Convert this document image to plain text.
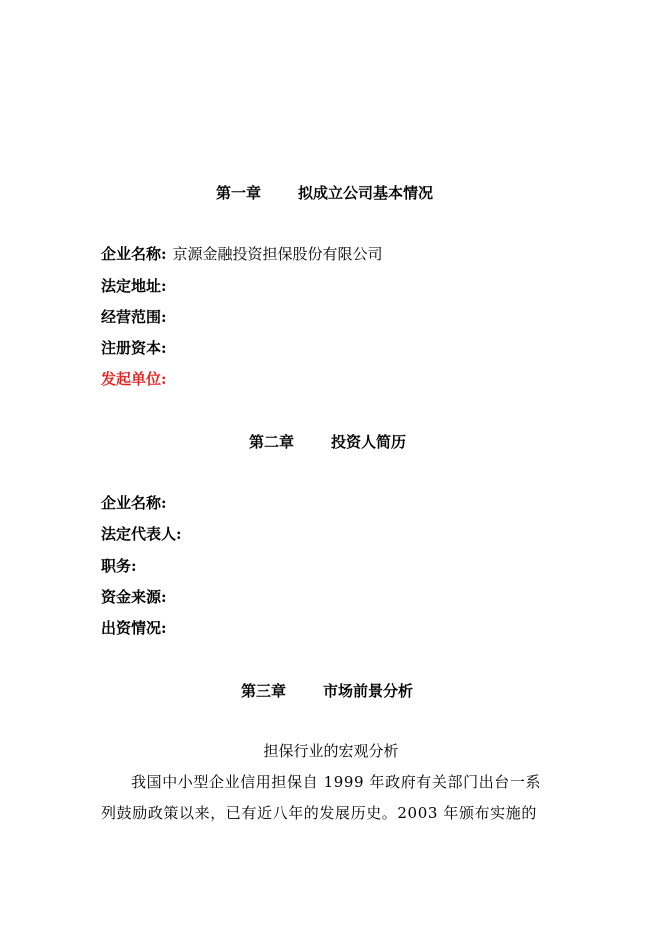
第一章 拟成立公司基本情况
企业名称: 京源金融投资担保股份有限公司
法定地址:
经营范围:
注册资本:
发起单位:
第二章 投资人简历
企业名称:
法定代表人:
职务:
资金来源:
出资情况:
第三章 市场前景分析
担保行业的宏观分析
我国中小型企业信用担保自 1999 年政府有关部门出台一系
列鼓励政策以来，已有近八年的发展历史。2003 年颁布实施的
